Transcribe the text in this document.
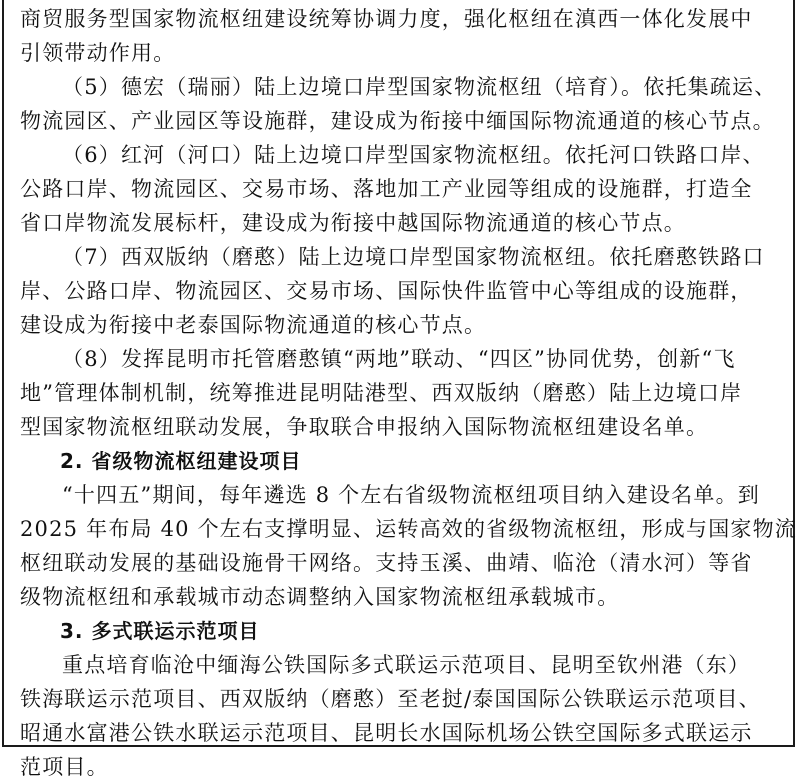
商贸服务型国家物流枢纽建设统筹协调力度，强化枢纽在滇西一体化发展中
引领带动作用。

（5）德宏（瑞丽）陆上边境口岸型国家物流枢纽（培育）。依托集疏运、
物流园区、产业园区等设施群，建设成为衔接中缅国际物流通道的核心节点。

（6）红河（河口）陆上边境口岸型国家物流枢纽。依托河口铁路口岸、
公路口岸、物流园区、交易市场、落地加工产业园等组成的设施群，打造全
省口岸物流发展标杆，建设成为衔接中越国际物流通道的核心节点。

（7）西双版纳（磨憨）陆上边境口岸型国家物流枢纽。依托磨憨铁路口
岸、公路口岸、物流园区、交易市场、国际快件监管中心等组成的设施群，
建设成为衔接中老泰国际物流通道的核心节点。

（8）发挥昆明市托管磨憨镇“两地”联动、“四区”协同优势，创新“飞
地”管理体制机制，统筹推进昆明陆港型、西双版纳（磨憨）陆上边境口岸
型国家物流枢纽联动发展，争取联合申报纳入国际物流枢纽建设名单。

2. 省级物流枢纽建设项目

“十四五”期间，每年遴选 8 个左右省级物流枢纽项目纳入建设名单。到
2025 年布局 40 个左右支撑明显、运转高效的省级物流枢纽，形成与国家物流
枢纽联动发展的基础设施骨干网络。支持玉溪、曲靖、临沧（清水河）等省
级物流枢纽和承载城市动态调整纳入国家物流枢纽承载城市。

3. 多式联运示范项目

重点培育临沧中缅海公铁国际多式联运示范项目、昆明至钦州港（东）
铁海联运示范项目、西双版纳（磨憨）至老挝/泰国国际公铁联运示范项目、
昭通水富港公铁水联运示范项目、昆明长水国际机场公铁空国际多式联运示
范项目。
